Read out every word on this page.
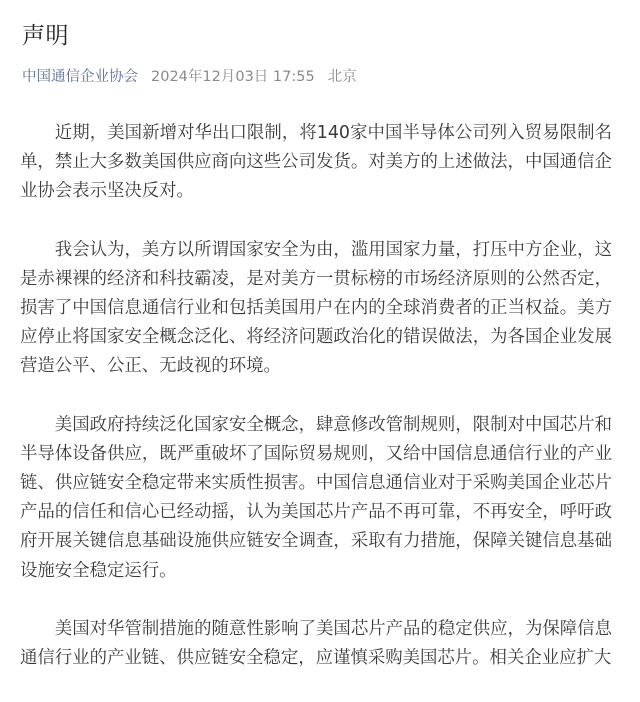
声明
中国通信企业协会 2024年12月03日 17:55 北京

近期，美国新增对华出口限制，将140家中国半导体公司列入贸易限制名单，禁止大多数美国供应商向这些公司发货。对美方的上述做法，中国通信企业协会表示坚决反对。

我会认为，美方以所谓国家安全为由，滥用国家力量，打压中方企业，这是赤裸裸的经济和科技霸凌，是对美方一贯标榜的市场经济原则的公然否定，损害了中国信息通信行业和包括美国用户在内的全球消费者的正当权益。美方应停止将国家安全概念泛化、将经济问题政治化的错误做法，为各国企业发展营造公平、公正、无歧视的环境。

美国政府持续泛化国家安全概念，肆意修改管制规则，限制对中国芯片和半导体设备供应，既严重破坏了国际贸易规则，又给中国信息通信行业的产业链、供应链安全稳定带来实质性损害。中国信息通信业对于采购美国企业芯片产品的信任和信心已经动摇，认为美国芯片产品不再可靠，不再安全，呼吁政府开展关键信息基础设施供应链安全调查，采取有力措施，保障关键信息基础设施安全稳定运行。

美国对华管制措施的随意性影响了美国芯片产品的稳定供应，为保障信息通信行业的产业链、供应链安全稳定，应谨慎采购美国芯片。相关企业应扩大
